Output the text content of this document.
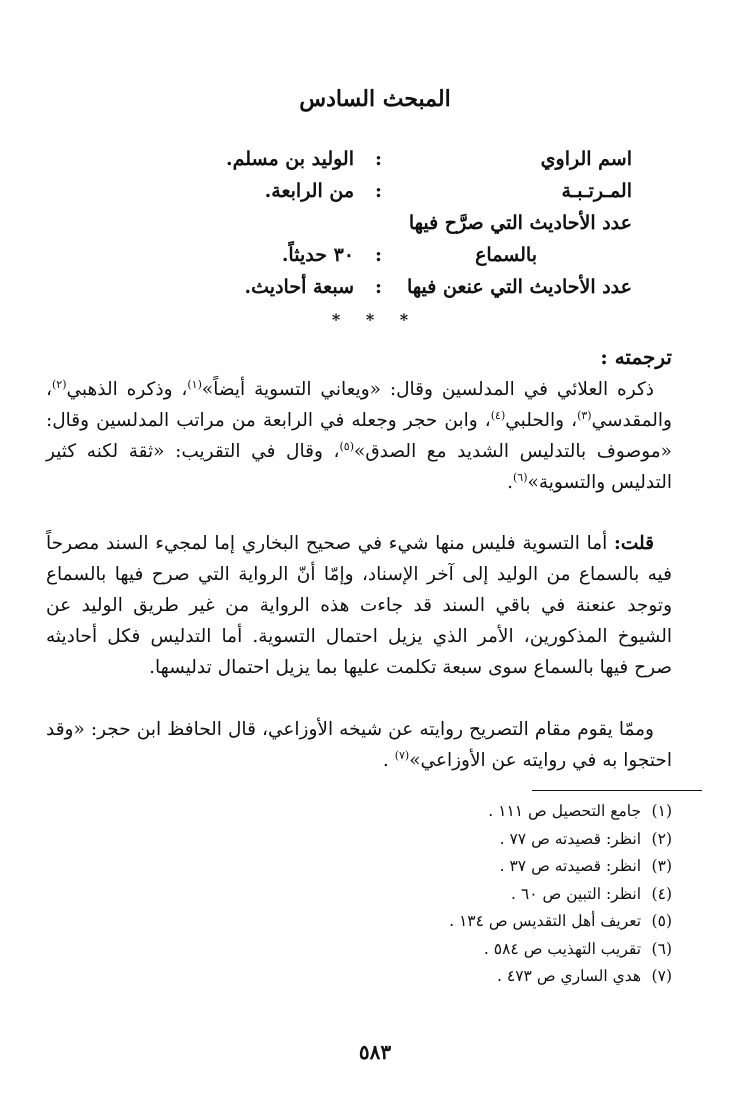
المبحث السادس
اسم الراوي
:
الوليد بن مسلم.
المـرتـبـة
:
من الرابعة.
عدد الأحاديث التي صرَّح فيها
بالسماع
:
٣٠ حديثاً.
عدد الأحاديث التي عنعن فيها
:
سبعة أحاديث.
* * *
ترجمته :

ذكره العلائي في المدلسين وقال: «ويعاني التسوية أيضاً»$^{(١)}$، وذكره الذهبي$^{(٢)}$، والمقدسي$^{(٣)}$، والحلبي$^{(٤)}$، وابن حجر وجعله في الرابعة من مراتب المدلسين وقال: «موصوف بالتدليس الشديد مع الصدق»$^{(٥)}$، وقال في التقريب: «ثقة لكنه كثير التدليس والتسوية»$^{(٦)}$.

قلت: أما التسوية فليس منها شيء في صحيح البخاري إما لمجيء السند مصرحاً فيه بالسماع من الوليد إلى آخر الإسناد، وإمّا أنّ الرواية التي صرح فيها بالسماع وتوجد عنعنة في باقي السند قد جاءت هذه الرواية من غير طريق الوليد عن الشيوخ المذكورين، الأمر الذي يزيل احتمال التسوية. أما التدليس فكل أحاديثه صرح فيها بالسماع سوى سبعة تكلمت عليها بما يزيل احتمال تدليسها.

وممّا يقوم مقام التصريح روايته عن شيخه الأوزاعي، قال الحافظ ابن حجر: «وقد احتجوا به في روايته عن الأوزاعي»$^{(٧)}$ .

(١) جامع التحصيل ص ١١١ .
(٢) انظر: قصيدته ص ٧٧ .
(٣) انظر: قصيدته ص ٣٧ .
(٤) انظر: التبين ص ٦٠ .
(٥) تعريف أهل التقديس ص ١٣٤ .
(٦) تقريب التهذيب ص ٥٨٤ .
(٧) هدي الساري ص ٤٧٣ .
٥٨٣
